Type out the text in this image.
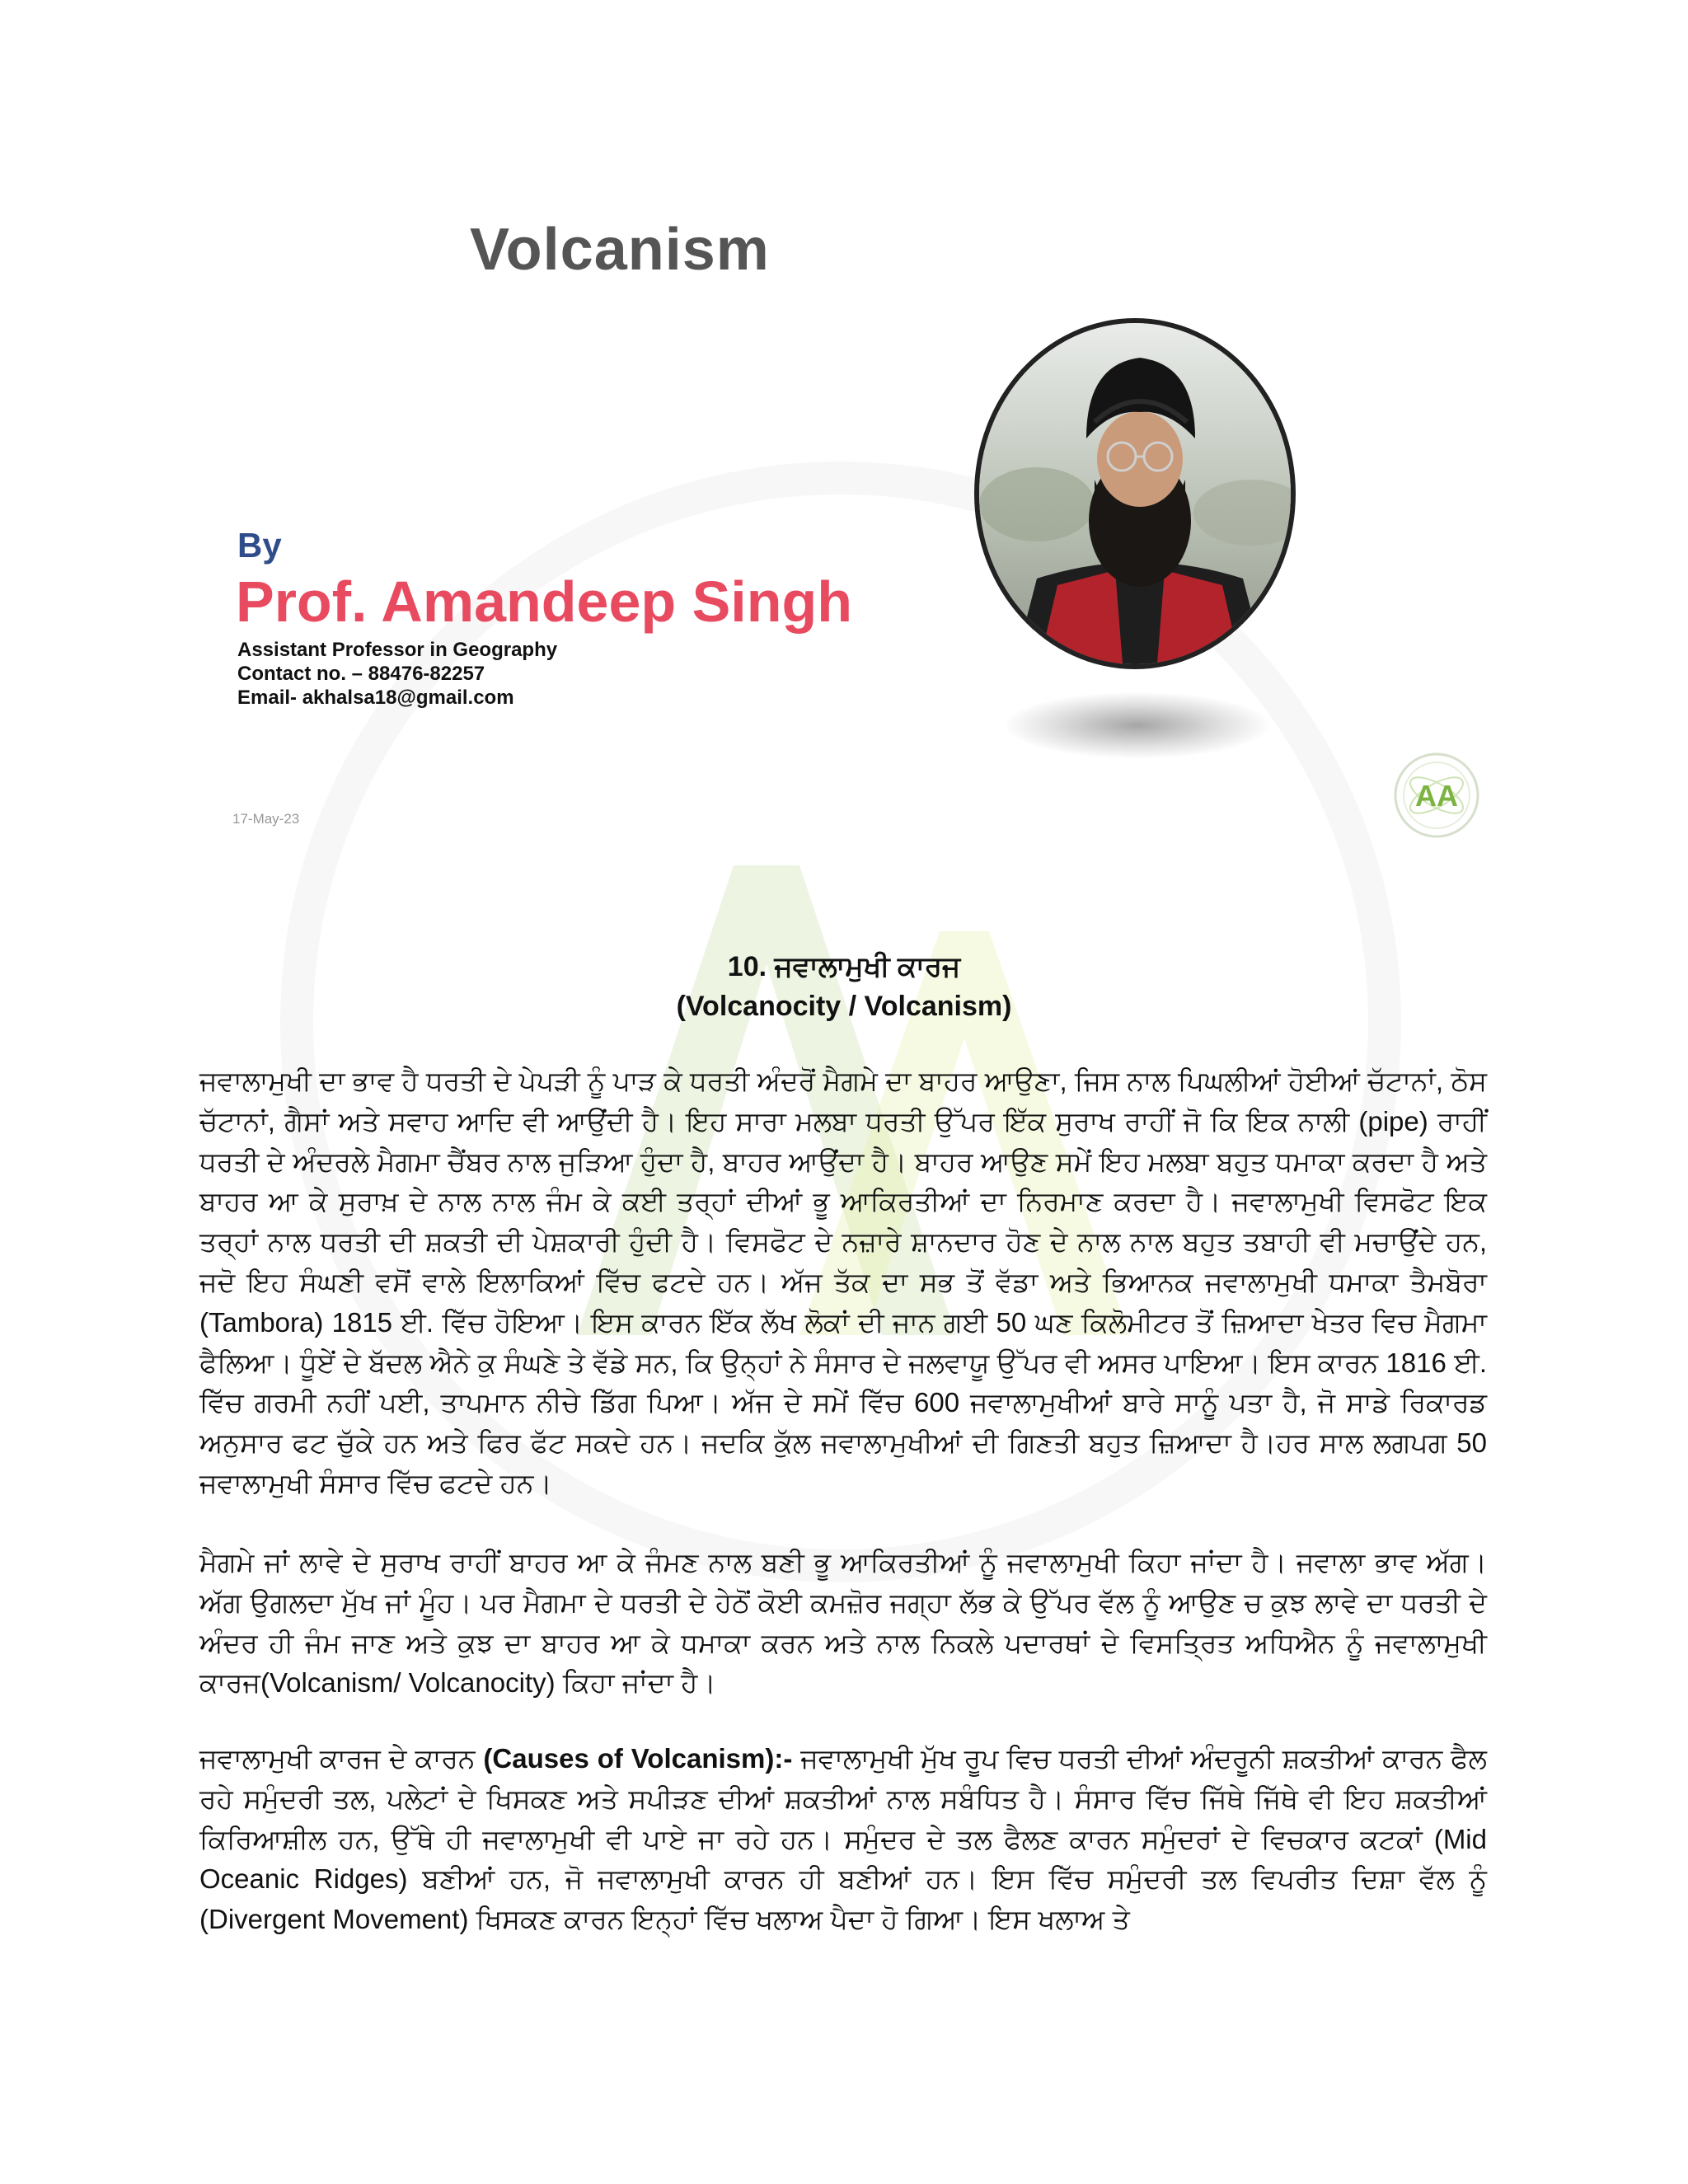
Volcanism
By
Prof. Amandeep Singh
Assistant Professor in Geography
Contact no. – 88476-82257
Email- akhalsa18@gmail.com
17-May-23
AA
10. ਜਵਾਲਾਮੁਖੀ ਕਾਰਜ
(Volcanocity / Volcanism)
ਜਵਾਲਾਮੁਖੀ ਦਾ ਭਾਵ ਹੈ ਧਰਤੀ ਦੇ ਪੇਪੜੀ ਨੂੰ ਪਾੜ ਕੇ ਧਰਤੀ ਅੰਦਰੋਂ ਮੈਗਮੇ ਦਾ ਬਾਹਰ ਆਉਣਾ, ਜਿਸ ਨਾਲ ਪਿਘਲੀਆਂ ਹੋਈਆਂ ਚੱਟਾਨਾਂ, ਠੋਸ ਚੱਟਾਨਾਂ, ਗੈਸਾਂ ਅਤੇ ਸਵਾਹ ਆਦਿ ਵੀ ਆਉਂਦੀ ਹੈ। ਇਹ ਸਾਰਾ ਮਲਬਾ ਧਰਤੀ ਉੱਪਰ ਇੱਕ ਸੁਰਾਖ ਰਾਹੀਂ ਜੋ ਕਿ ਇਕ ਨਾਲੀ (pipe) ਰਾਹੀਂ ਧਰਤੀ ਦੇ ਅੰਦਰਲੇ ਮੈਗਮਾ ਚੈਂਬਰ ਨਾਲ ਜੁੜਿਆ ਹੁੰਦਾ ਹੈ, ਬਾਹਰ ਆਉਂਦਾ ਹੈ। ਬਾਹਰ ਆਉਣ ਸਮੇਂ ਇਹ ਮਲਬਾ ਬਹੁਤ ਧਮਾਕਾ ਕਰਦਾ ਹੈ ਅਤੇ ਬਾਹਰ ਆ ਕੇ ਸੁਰਾਖ਼ ਦੇ ਨਾਲ ਨਾਲ ਜੰਮ ਕੇ ਕਈ ਤਰ੍ਹਾਂ ਦੀਆਂ ਭੂ ਆਕਿਰਤੀਆਂ ਦਾ ਨਿਰਮਾਣ ਕਰਦਾ ਹੈ। ਜਵਾਲਾਮੁਖੀ ਵਿਸਫੋਟ ਇਕ ਤਰ੍ਹਾਂ ਨਾਲ ਧਰਤੀ ਦੀ ਸ਼ਕਤੀ ਦੀ ਪੇਸ਼ਕਾਰੀ ਹੁੰਦੀ ਹੈ। ਵਿਸਫੋਟ ਦੇ ਨਜ਼ਾਰੇ ਸ਼ਾਨਦਾਰ ਹੋਣ ਦੇ ਨਾਲ ਨਾਲ ਬਹੁਤ ਤਬਾਹੀ ਵੀ ਮਚਾਉਂਦੇ ਹਨ, ਜਦੋ ਇਹ ਸੰਘਣੀ ਵਸੋਂ ਵਾਲੇ ਇਲਾਕਿਆਂ ਵਿੱਚ ਫਟਦੇ ਹਨ। ਅੱਜ ਤੱਕ ਦਾ ਸਭ ਤੋਂ ਵੱਡਾ ਅਤੇ ਭਿਆਨਕ ਜਵਾਲਾਮੁਖੀ ਧਮਾਕਾ ਤੈਮਬੋਰਾ (Tambora) 1815 ਈ. ਵਿੱਚ ਹੋਇਆ। ਇਸ ਕਾਰਨ ਇੱਕ ਲੱਖ ਲੋਕਾਂ ਦੀ ਜਾਨ ਗਈ 50 ਘਣ ਕਿਲੋਮੀਟਰ ਤੋਂ ਜ਼ਿਆਦਾ ਖੇਤਰ ਵਿਚ ਮੈਗਮਾ ਫੈਲਿਆ। ਧੂੰਏਂ ਦੇ ਬੱਦਲ ਐਨੇ ਕੁ ਸੰਘਣੇ ਤੇ ਵੱਡੇ ਸਨ, ਕਿ ਉਨ੍ਹਾਂ ਨੇ ਸੰਸਾਰ ਦੇ ਜਲਵਾਯੂ ਉੱਪਰ ਵੀ ਅਸਰ ਪਾਇਆ। ਇਸ ਕਾਰਨ 1816 ਈ. ਵਿੱਚ ਗਰਮੀ ਨਹੀਂ ਪਈ, ਤਾਪਮਾਨ ਨੀਚੇ ਡਿੱਗ ਪਿਆ। ਅੱਜ ਦੇ ਸਮੇਂ ਵਿੱਚ 600 ਜਵਾਲਾਮੁਖੀਆਂ ਬਾਰੇ ਸਾਨੂੰ ਪਤਾ ਹੈ, ਜੋ ਸਾਡੇ ਰਿਕਾਰਡ ਅਨੁਸਾਰ ਫਟ ਚੁੱਕੇ ਹਨ ਅਤੇ ਫਿਰ ਫੱਟ ਸਕਦੇ ਹਨ। ਜਦਕਿ ਕੁੱਲ ਜਵਾਲਾਮੁਖੀਆਂ ਦੀ ਗਿਣਤੀ ਬਹੁਤ ਜ਼ਿਆਦਾ ਹੈ।ਹਰ ਸਾਲ ਲਗਪਗ 50 ਜਵਾਲਾਮੁਖੀ ਸੰਸਾਰ ਵਿੱਚ ਫਟਦੇ ਹਨ।
ਮੈਗਮੇ ਜਾਂ ਲਾਵੇ ਦੇ ਸੁਰਾਖ ਰਾਹੀਂ ਬਾਹਰ ਆ ਕੇ ਜੰਮਣ ਨਾਲ ਬਣੀ ਭੂ ਆਕਿਰਤੀਆਂ ਨੂੰ ਜਵਾਲਾਮੁਖੀ ਕਿਹਾ ਜਾਂਦਾ ਹੈ। ਜਵਾਲਾ ਭਾਵ ਅੱਗ। ਅੱਗ ਉਗਲਦਾ ਮੁੱਖ ਜਾਂ ਮੂੰਹ। ਪਰ ਮੈਗਮਾ ਦੇ ਧਰਤੀ ਦੇ ਹੇਠੋਂ ਕੋਈ ਕਮਜ਼ੋਰ ਜਗ੍ਹਾ ਲੱਭ ਕੇ ਉੱਪਰ ਵੱਲ ਨੂੰ ਆਉਣ ਚ ਕੁਝ ਲਾਵੇ ਦਾ ਧਰਤੀ ਦੇ ਅੰਦਰ ਹੀ ਜੰਮ ਜਾਣ ਅਤੇ ਕੁਝ ਦਾ ਬਾਹਰ ਆ ਕੇ ਧਮਾਕਾ ਕਰਨ ਅਤੇ ਨਾਲ ਨਿਕਲੇ ਪਦਾਰਥਾਂ ਦੇ ਵਿਸਤ੍ਰਿਤ ਅਧਿਐਨ ਨੂੰ ਜਵਾਲਾਮੁਖੀ ਕਾਰਜ(Volcanism/ Volcanocity) ਕਿਹਾ ਜਾਂਦਾ ਹੈ।
ਜਵਾਲਾਮੁਖੀ ਕਾਰਜ ਦੇ ਕਾਰਨ (Causes of Volcanism):- ਜਵਾਲਾਮੁਖੀ ਮੁੱਖ ਰੂਪ ਵਿਚ ਧਰਤੀ ਦੀਆਂ ਅੰਦਰੂਨੀ ਸ਼ਕਤੀਆਂ ਕਾਰਨ ਫੈਲ ਰਹੇ ਸਮੁੰਦਰੀ ਤਲ, ਪਲੇਟਾਂ ਦੇ ਖਿਸਕਣ ਅਤੇ ਸਪੀੜਣ ਦੀਆਂ ਸ਼ਕਤੀਆਂ ਨਾਲ ਸਬੰਧਿਤ ਹੈ। ਸੰਸਾਰ ਵਿੱਚ ਜਿੱਥੇ ਜਿੱਥੇ ਵੀ ਇਹ ਸ਼ਕਤੀਆਂ ਕਿਰਿਆਸ਼ੀਲ ਹਨ, ਉੱਥੇ ਹੀ ਜਵਾਲਾਮੁਖੀ ਵੀ ਪਾਏ ਜਾ ਰਹੇ ਹਨ। ਸਮੁੰਦਰ ਦੇ ਤਲ ਫੈਲਣ ਕਾਰਨ ਸਮੁੰਦਰਾਂ ਦੇ ਵਿਚਕਾਰ ਕਟਕਾਂ (Mid Oceanic Ridges) ਬਣੀਆਂ ਹਨ, ਜੋ ਜਵਾਲਾਮੁਖੀ ਕਾਰਨ ਹੀ ਬਣੀਆਂ ਹਨ। ਇਸ ਵਿੱਚ ਸਮੁੰਦਰੀ ਤਲ ਵਿਪਰੀਤ ਦਿਸ਼ਾ ਵੱਲ ਨੂੰ (Divergent Movement) ਖਿਸਕਣ ਕਾਰਨ ਇਨ੍ਹਾਂ ਵਿੱਚ ਖਲਾਅ ਪੈਦਾ ਹੋ ਗਿਆ। ਇਸ ਖਲਾਅ ਤੇ
